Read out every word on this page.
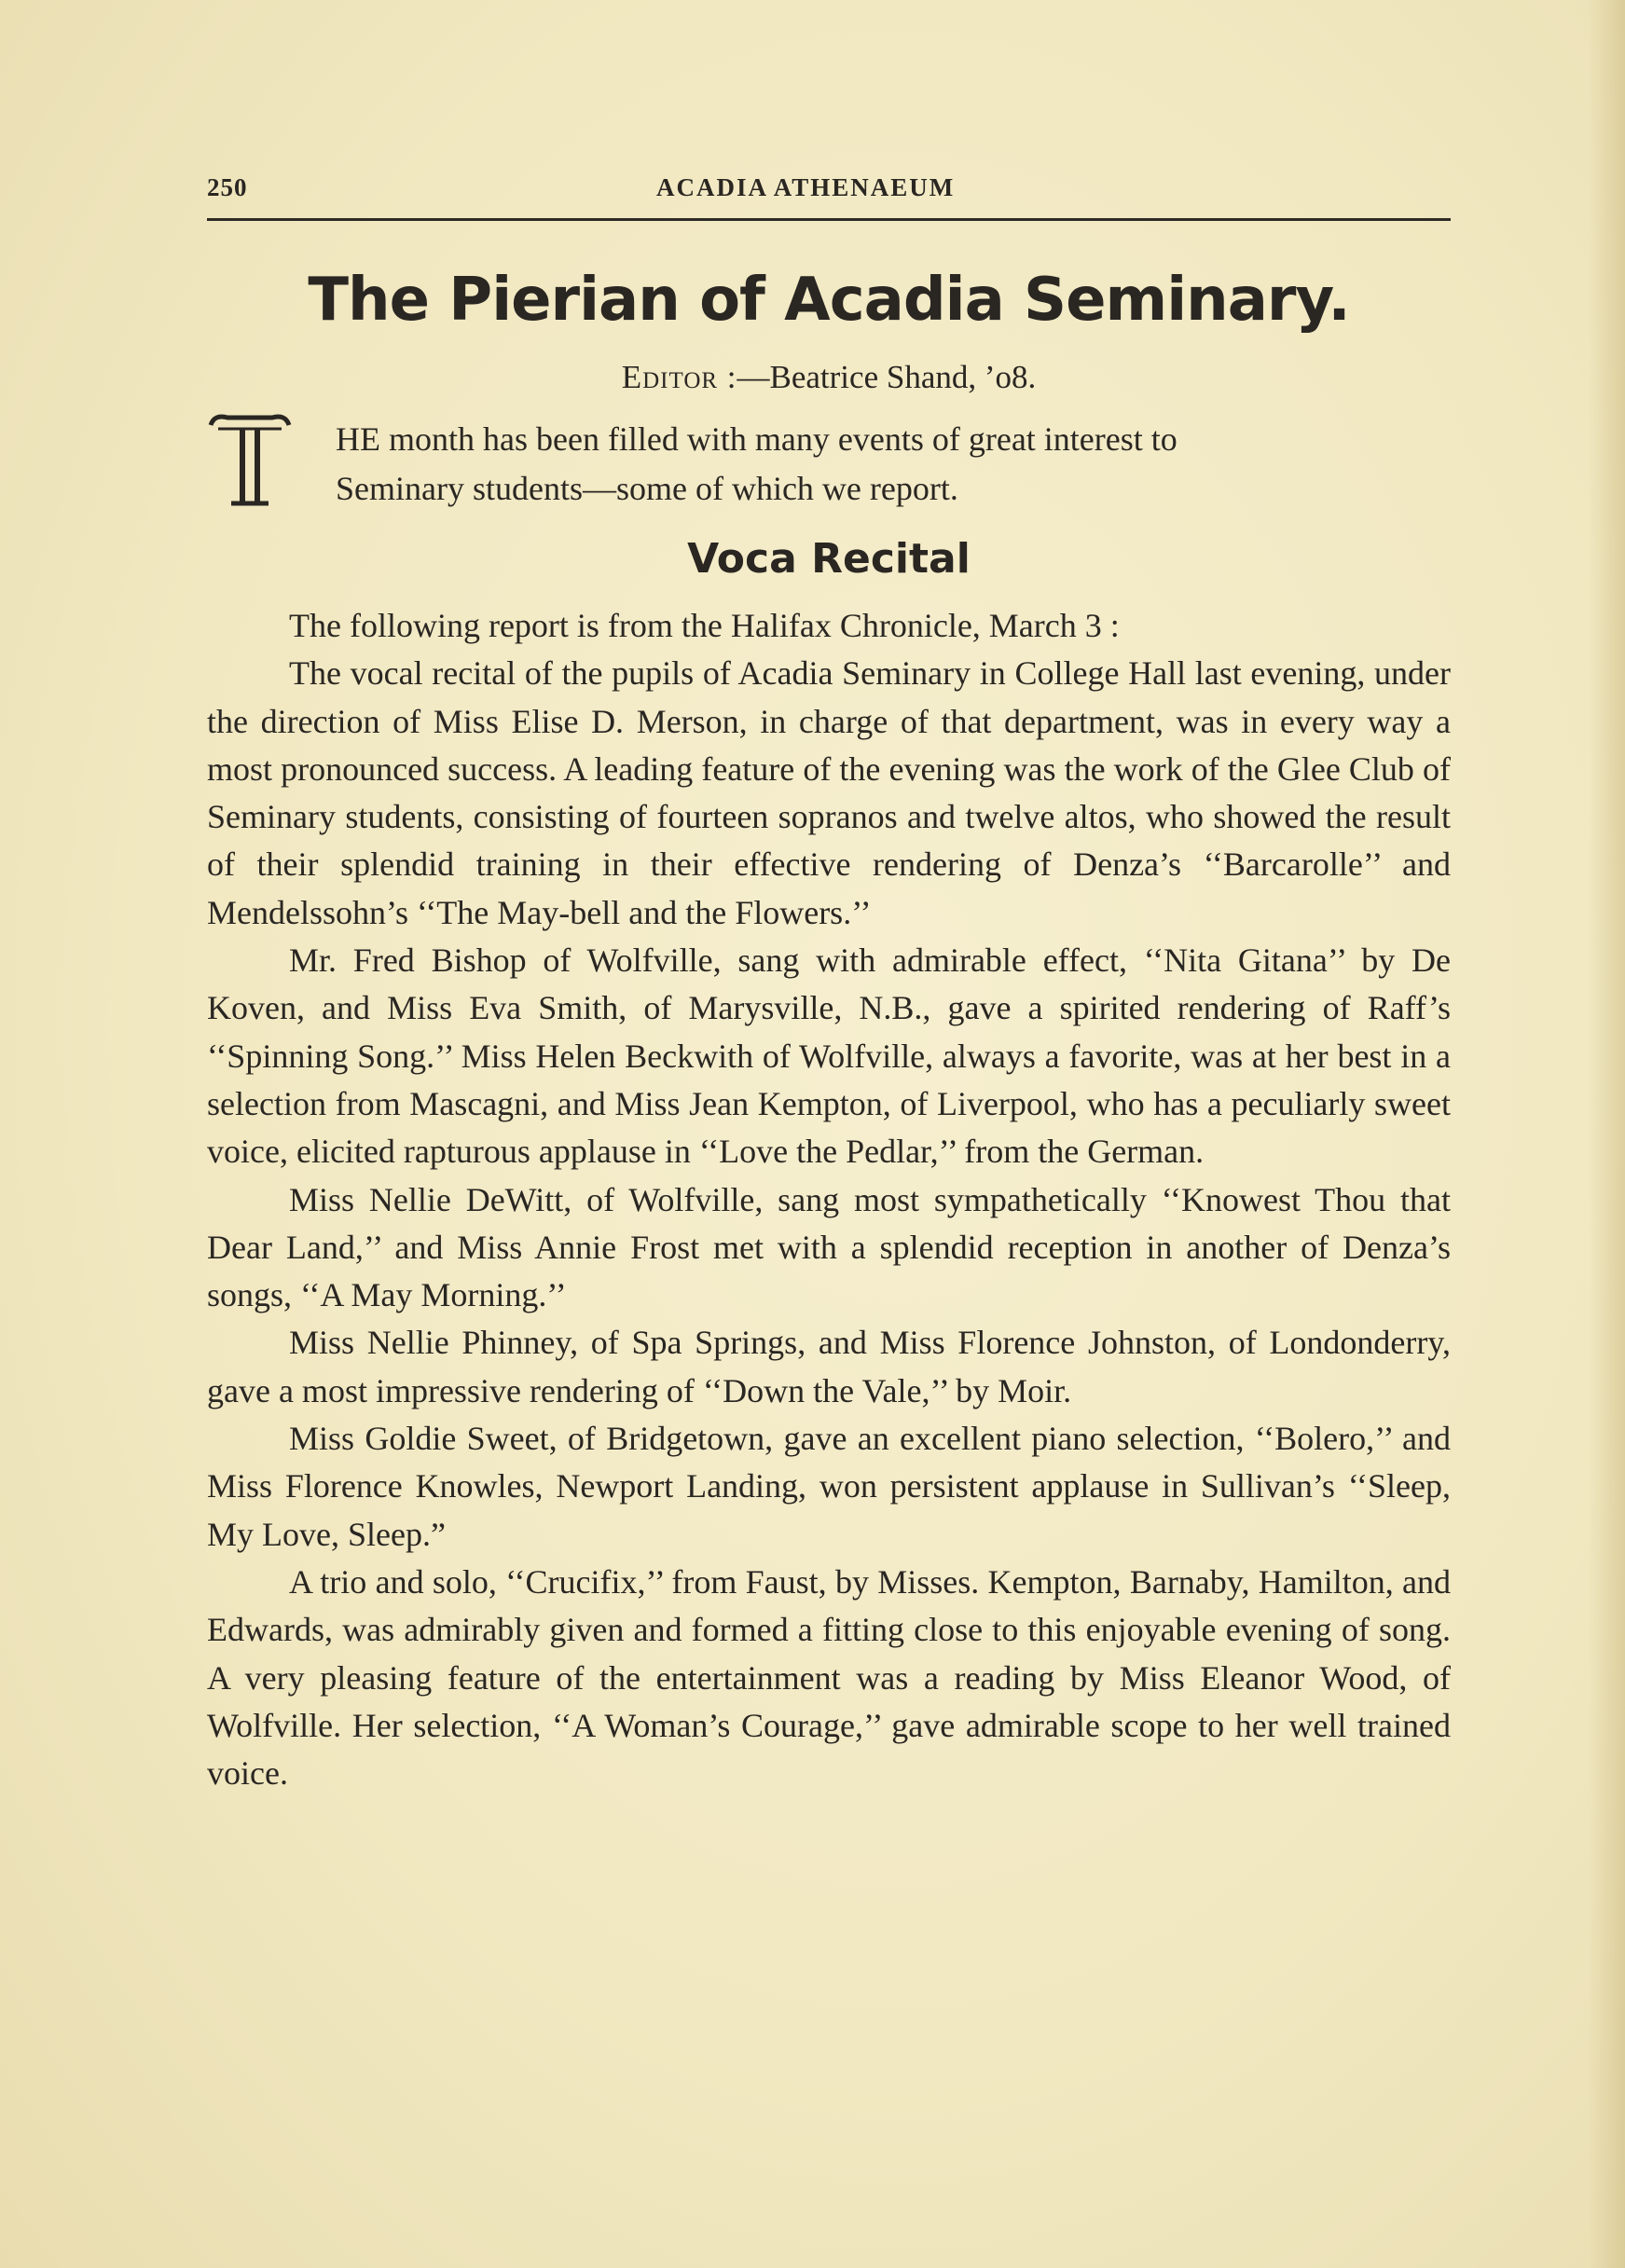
250	ACADIA ATHENAEUM
The Pierian of Acadia Seminary.
Editor :—Beatrice Shand, ’o8.
HE month has been filled with many events of great interest to
Seminary students—some of which we report.
Voca Recital

The following report is from the Halifax Chronicle, March 3 :

The vocal recital of the pupils of Acadia Seminary in College Hall last evening, under the direction of Miss Elise D. Merson, in charge of that department, was in every way a most pronounced success. A leading feature of the evening was the work of the Glee Club of Seminary students, consisting of fourteen sopranos and twelve altos, who showed the result of their splendid training in their effective rendering of Denza’s ‘‘Barcarolle’’ and Mendelssohn’s ‘‘The May-bell and the Flowers.’’

Mr. Fred Bishop of Wolfville, sang with admirable effect, ‘‘Nita Gitana’’ by De Koven, and Miss Eva Smith, of Marysville, N.B., gave a spirited rendering of Raff’s ‘‘Spinning Song.’’ Miss Helen Beckwith of Wolfville, always a favorite, was at her best in a selection from Mascagni, and Miss Jean Kempton, of Liverpool, who has a peculiarly sweet voice, elicited rapturous applause in ‘‘Love the Pedlar,’’ from the German.

Miss Nellie DeWitt, of Wolfville, sang most sympathetically ‘‘Knowest Thou that Dear Land,’’ and Miss Annie Frost met with a splendid reception in another of Denza’s songs, ‘‘A May Morning.’’

Miss Nellie Phinney, of Spa Springs, and Miss Florence Johnston, of Londonderry, gave a most impressive rendering of ‘‘Down the Vale,’’ by Moir.

Miss Goldie Sweet, of Bridgetown, gave an excellent piano selection, ‘‘Bolero,’’ and Miss Florence Knowles, Newport Landing, won persistent applause in Sullivan’s ‘‘Sleep, My Love, Sleep.”

A trio and solo, ‘‘Crucifix,’’ from Faust, by Misses. Kempton, Barnaby, Hamilton, and Edwards, was admirably given and formed a fitting close to this enjoyable evening of song. A very pleasing feature of the entertainment was a reading by Miss Eleanor Wood, of Wolfville. Her selection, ‘‘A Woman’s Courage,’’ gave admirable scope to her well trained voice.
